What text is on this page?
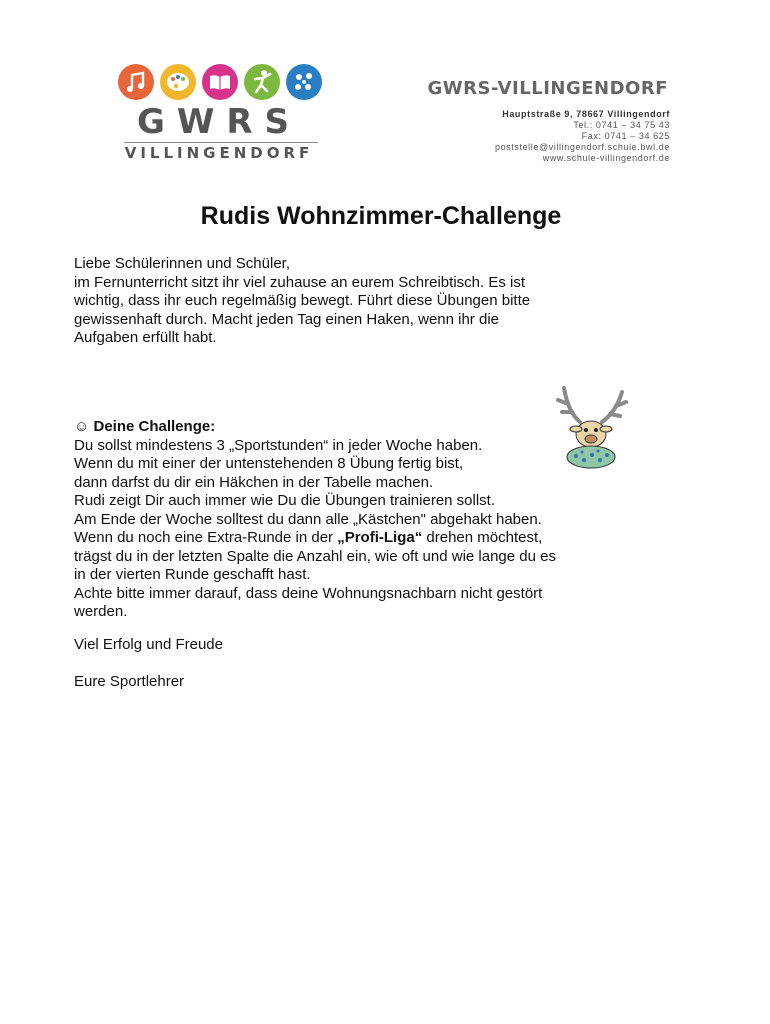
GWRS
VILLINGENDORF
GWRS-VILLINGENDORF
Hauptstraße 9, 78667 Villingendorf
Tel.: 0741 – 34 75 43
Fax: 0741 – 34 625
poststelle@villingendorf.schule.bwl.de
www.schule-villingendorf.de
Rudis Wohnzimmer-Challenge

Liebe Schülerinnen und Schüler,

im Fernunterricht sitzt ihr viel zuhause an eurem Schreibtisch. Es ist

wichtig, dass ihr euch regelmäßig bewegt. Führt diese Übungen bitte

gewissenhaft durch. Macht jeden Tag einen Haken, wenn ihr die

Aufgaben erfüllt habt.

☺ Deine Challenge:

Du sollst mindestens 3 „Sportstunden“ in jeder Woche haben.

Wenn du mit einer der untenstehenden 8 Übung fertig bist,

dann darfst du dir ein Häkchen in der Tabelle machen.

Rudi zeigt Dir auch immer wie Du die Übungen trainieren sollst.

Am Ende der Woche solltest du dann alle „Kästchen" abgehakt haben.

Wenn du noch eine Extra-Runde in der „Profi-Liga“ drehen möchtest,

trägst du in der letzten Spalte die Anzahl ein, wie oft und wie lange du es

in der vierten Runde geschafft hast.

Achte bitte immer darauf, dass deine Wohnungsnachbarn nicht gestört

werden.

Viel Erfolg und Freude
Eure Sportlehrer
